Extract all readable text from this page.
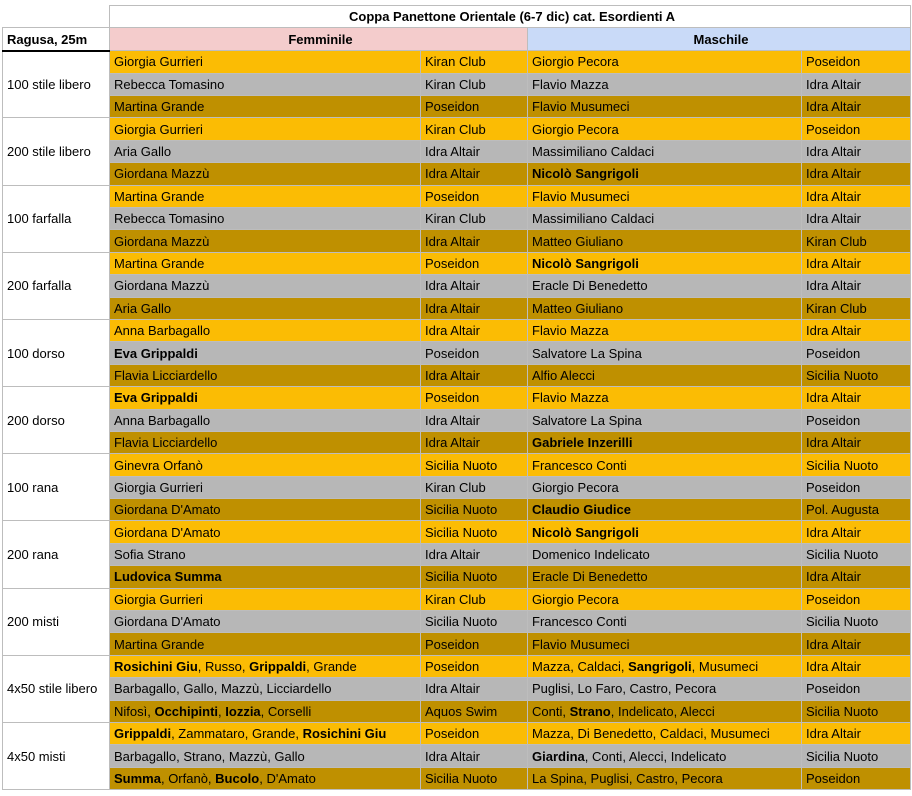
	Coppa Panettone Orientale (6-7 dic) cat. Esordienti A			
Ragusa, 25m	Femminile		Maschile	
100 stile libero	Giorgia Gurrieri	Kiran Club	Giorgio Pecora	Poseidon
	Rebecca Tomasino	Kiran Club	Flavio Mazza	Idra Altair
	Martina Grande	Poseidon	Flavio Musumeci	Idra Altair
200 stile libero	Giorgia Gurrieri	Kiran Club	Giorgio Pecora	Poseidon
	Aria Gallo	Idra Altair	Massimiliano Caldaci	Idra Altair
	Giordana Mazzù	Idra Altair	Nicolò Sangrigoli	Idra Altair
100 farfalla	Martina Grande	Poseidon	Flavio Musumeci	Idra Altair
	Rebecca Tomasino	Kiran Club	Massimiliano Caldaci	Idra Altair
	Giordana Mazzù	Idra Altair	Matteo Giuliano	Kiran Club
200 farfalla	Martina Grande	Poseidon	Nicolò Sangrigoli	Idra Altair
	Giordana Mazzù	Idra Altair	Eracle Di Benedetto	Idra Altair
	Aria Gallo	Idra Altair	Matteo Giuliano	Kiran Club
100 dorso	Anna Barbagallo	Idra Altair	Flavio Mazza	Idra Altair
	Eva Grippaldi	Poseidon	Salvatore La Spina	Poseidon
	Flavia Licciardello	Idra Altair	Alfio Alecci	Sicilia Nuoto
200 dorso	Eva Grippaldi	Poseidon	Flavio Mazza	Idra Altair
	Anna Barbagallo	Idra Altair	Salvatore La Spina	Poseidon
	Flavia Licciardello	Idra Altair	Gabriele Inzerilli	Idra Altair
100 rana	Ginevra Orfanò	Sicilia Nuoto	Francesco Conti	Sicilia Nuoto
	Giorgia Gurrieri	Kiran Club	Giorgio Pecora	Poseidon
	Giordana D'Amato	Sicilia Nuoto	Claudio Giudice	Pol. Augusta
200 rana	Giordana D'Amato	Sicilia Nuoto	Nicolò Sangrigoli	Idra Altair
	Sofia Strano	Idra Altair	Domenico Indelicato	Sicilia Nuoto
	Ludovica Summa	Sicilia Nuoto	Eracle Di Benedetto	Idra Altair
200 misti	Giorgia Gurrieri	Kiran Club	Giorgio Pecora	Poseidon
	Giordana D'Amato	Sicilia Nuoto	Francesco Conti	Sicilia Nuoto
	Martina Grande	Poseidon	Flavio Musumeci	Idra Altair
4x50 stile libero	Rosichini Giu, Russo, Grippaldi, Grande	Poseidon	Mazza, Caldaci, Sangrigoli, Musumeci	Idra Altair
	Barbagallo, Gallo, Mazzù, Licciardello	Idra Altair	Puglisi, Lo Faro, Castro, Pecora	Poseidon
	Nifosì, Occhipinti, Iozzia, Corselli	Aquos Swim	Conti, Strano, Indelicato, Alecci	Sicilia Nuoto
4x50 misti	Grippaldi, Zammataro, Grande, Rosichini Giu	Poseidon	Mazza, Di Benedetto, Caldaci, Musumeci	Idra Altair
	Barbagallo, Strano, Mazzù, Gallo	Idra Altair	Giardina, Conti, Alecci, Indelicato	Sicilia Nuoto
	Summa, Orfanò, Bucolo, D'Amato	Sicilia Nuoto	La Spina, Puglisi, Castro, Pecora	Poseidon
